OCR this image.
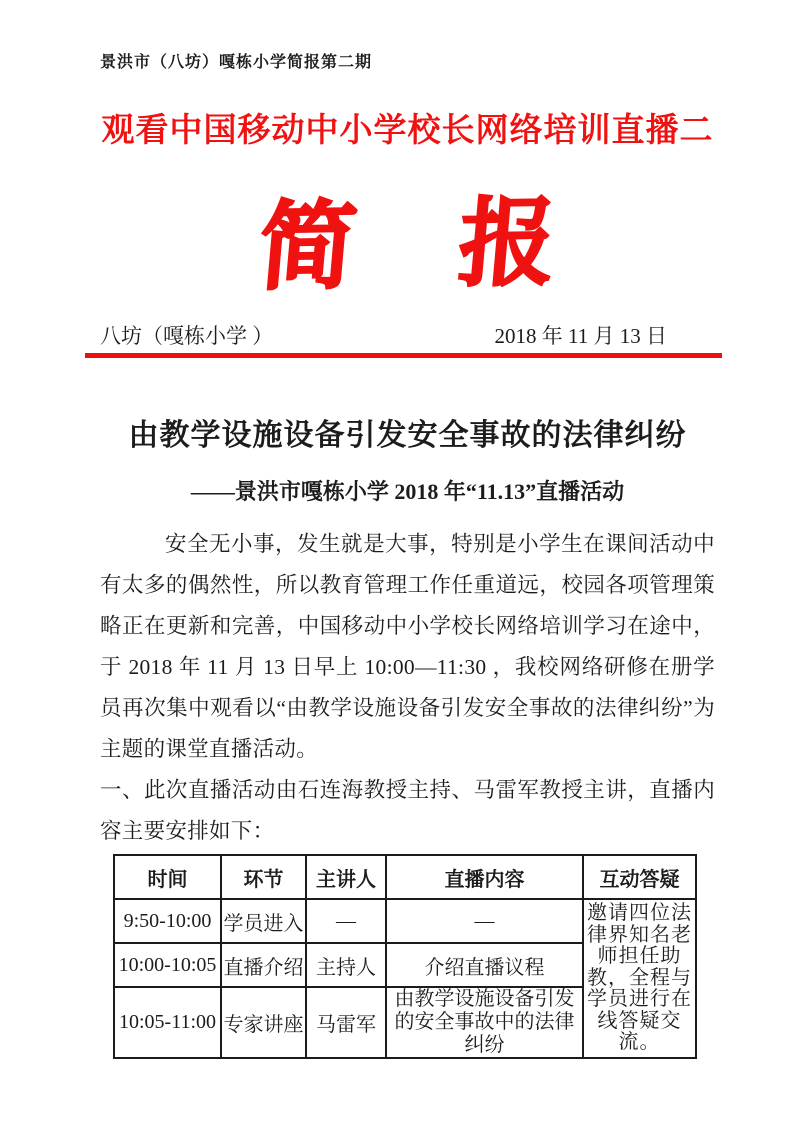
景洪市（八坊）嘎栋小学简报第二期
观看中国移动中小学校长网络培训直播二
简 报
八坊（嘎栋小学 ）	2018 年 11 月 13 日
由教学设施设备引发安全事故的法律纠纷
——景洪市嘎栋小学 2018 年“11.13”直播活动

安全无小事，发生就是大事，特别是小学生在课间活动中有太多的偶然性，所以教育管理工作任重道远，校园各项管理策略正在更新和完善，中国移动中小学校长网络培训学习在途中，于 2018 年 11 月 13 日早上 10:00—11:30 ，我校网络研修在册学员再次集中观看以“由教学设施设备引发安全事故的法律纠纷”为主题的课堂直播活动。

一、此次直播活动由石连海教授主持、马雷军教授主讲，直播内容主要安排如下：

时间	环节	主讲人	直播内容	互动答疑
9:50-10:00	学员进入	—	—	邀请四位法律界知名老师担任助教，全程与学员进行在线答疑交流。
10:00-10:05	直播介绍	主持人	介绍直播议程	
10:05-11:00	专家讲座	马雷军	由教学设施设备引发的安全事故中的法律纠纷	
